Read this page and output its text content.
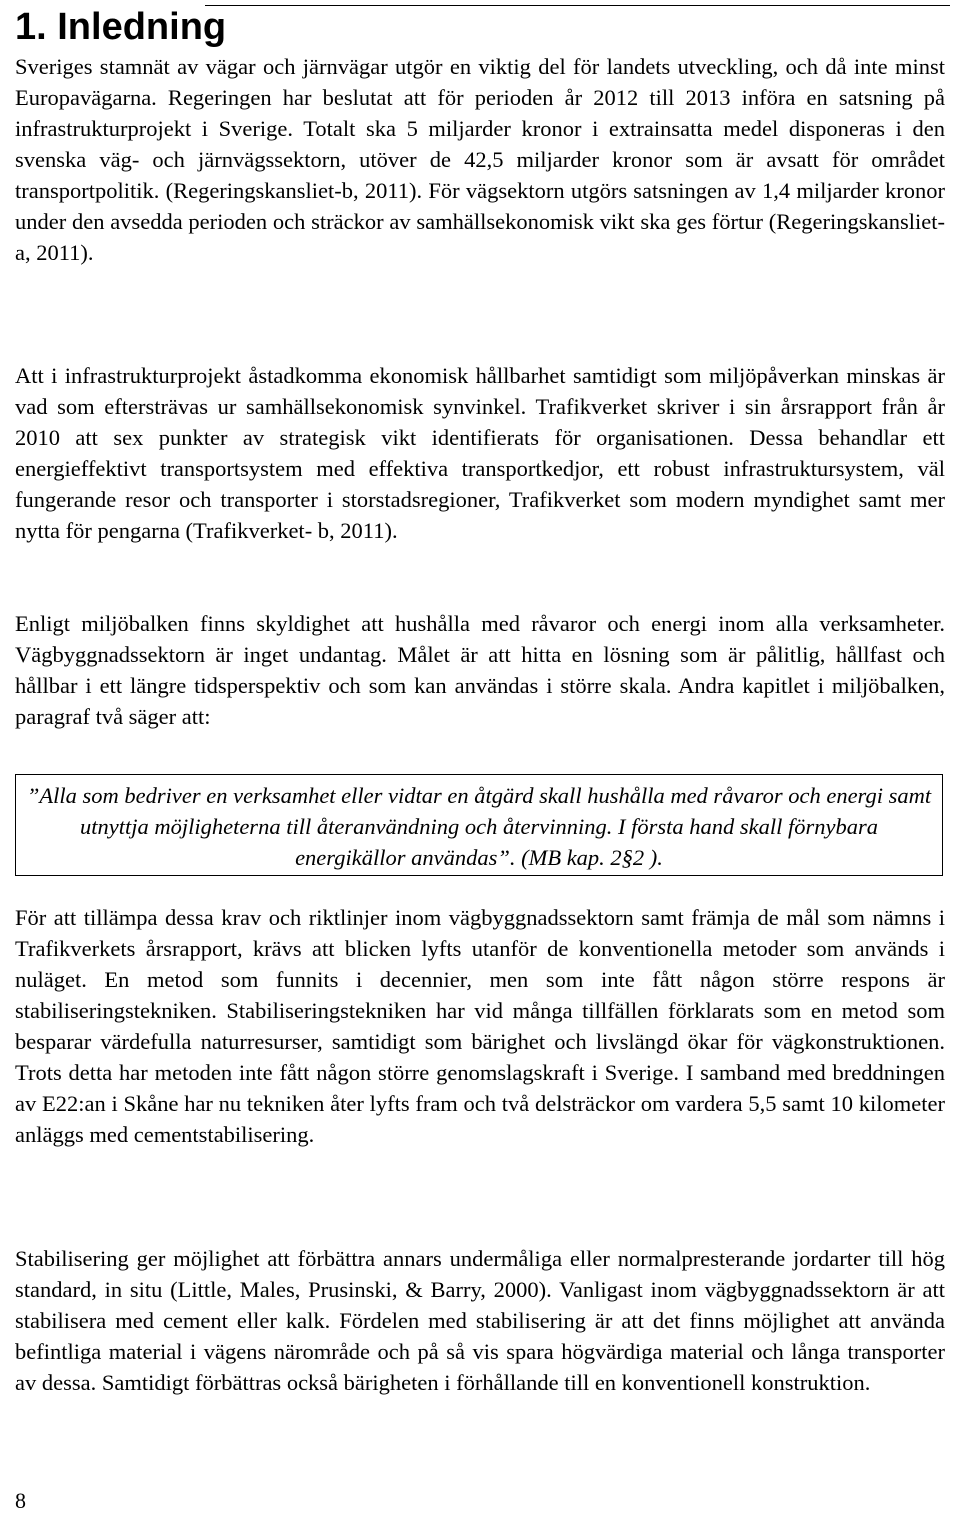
1. Inledning

Sveriges stamnät av vägar och järnvägar utgör en viktig del för landets utveckling, och då inte minst Europavägarna. Regeringen har beslutat att för perioden år 2012 till 2013 införa en satsning på infrastrukturprojekt i Sverige. Totalt ska 5 miljarder kronor i extrainsatta medel disponeras i den svenska väg- och järnvägssektorn, utöver de 42,5 miljarder kronor som är avsatt för området transportpolitik. (Regeringskansliet-b, 2011). För vägsektorn utgörs satsningen av 1,4 miljarder kronor under den avsedda perioden och sträckor av samhällsekonomisk vikt ska ges förtur (Regeringskansliet-a, 2011).

Att i infrastrukturprojekt åstadkomma ekonomisk hållbarhet samtidigt som miljöpåverkan minskas är vad som eftersträvas ur samhällsekonomisk synvinkel. Trafikverket skriver i sin årsrapport från år 2010 att sex punkter av strategisk vikt identifierats för organisationen. Dessa behandlar ett energieffektivt transportsystem med effektiva transportkedjor, ett robust infrastruktursystem, väl fungerande resor och transporter i storstadsregioner, Trafikverket som modern myndighet samt mer nytta för pengarna (Trafikverket- b, 2011).

Enligt miljöbalken finns skyldighet att hushålla med råvaror och energi inom alla verksamheter. Vägbyggnadssektorn är inget undantag. Målet är att hitta en lösning som är pålitlig, hållfast och hållbar i ett längre tidsperspektiv och som kan användas i större skala. Andra kapitlet i miljöbalken, paragraf två säger att:

”Alla som bedriver en verksamhet eller vidtar en åtgärd skall hushålla med råvaror och energi samt utnyttja möjligheterna till återanvändning och återvinning. I första hand skall förnybara energikällor användas”. (MB kap. 2§2 ).

För att tillämpa dessa krav och riktlinjer inom vägbyggnadssektorn samt främja de mål som nämns i Trafikverkets årsrapport, krävs att blicken lyfts utanför de konventionella metoder som används i nuläget. En metod som funnits i decennier, men som inte fått någon större respons är stabiliseringstekniken. Stabiliseringstekniken har vid många tillfällen förklarats som en metod som besparar värdefulla naturresurser, samtidigt som bärighet och livslängd ökar för vägkonstruktionen. Trots detta har metoden inte fått någon större genomslagskraft i Sverige. I samband med breddningen av E22:an i Skåne har nu tekniken åter lyfts fram och två delsträckor om vardera 5,5 samt 10 kilometer anläggs med cementstabilisering.

Stabilisering ger möjlighet att förbättra annars undermåliga eller normalpresterande jordarter till hög standard, in situ (Little, Males, Prusinski, & Barry, 2000). Vanligast inom vägbyggnadssektorn är att stabilisera med cement eller kalk. Fördelen med stabilisering är att det finns möjlighet att använda befintliga material i vägens närområde och på så vis spara högvärdiga material och långa transporter av dessa. Samtidigt förbättras också bärigheten i förhållande till en konventionell konstruktion.

8
